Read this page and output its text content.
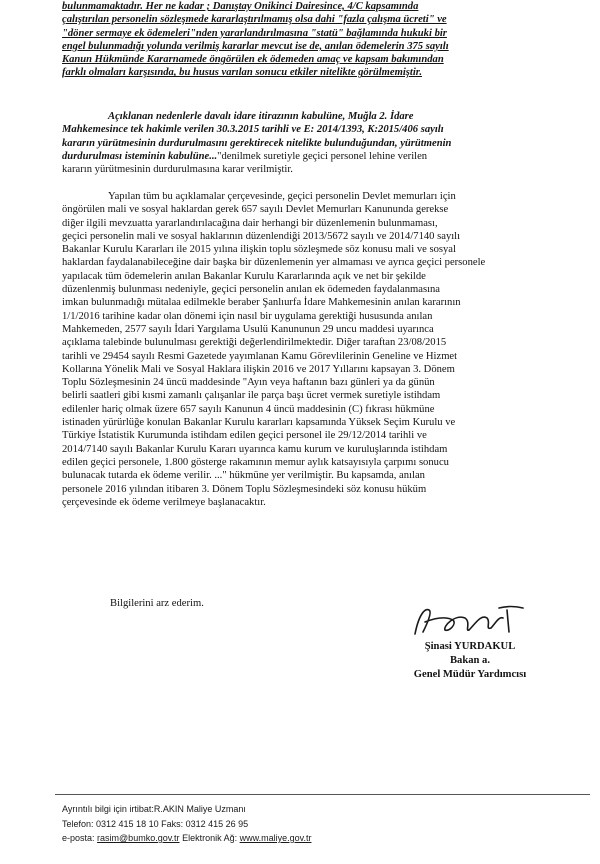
bulunmamaktadır. Her ne kadar ; Danıştay Onikinci Dairesince, 4/C kapsamında
çalıştırılan personelin sözleşmede kararlaştırılmamış olsa dahi "fazla çalışma ücreti" ve
"döner sermaye ek ödemeleri"nden yararlandırılmasına "statü" bağlamında hukuki bir
engel bulunmadığı yolunda verilmiş kararlar mevcut ise de, anılan ödemelerin 375 sayılı
Kanun Hükmünde Kararnamede öngörülen ek ödemeden amaç ve kapsam bakımından
farklı olmaları karşısında, bu husus varılan sonucu etkiler nitelikte görülmemiştir.
Açıklanan nedenlerle davalı idare itirazının kabulüne, Muğla 2. İdare
Mahkemesince tek hakimle verilen 30.3.2015 tarihli ve E: 2014/1393, K:2015/406 sayılı
kararın yürütmesinin durdurulmasını gerektirecek nitelikte bulunduğundan, yürütmenin
durdurulması isteminin kabulüne..."denilmek suretiyle geçici personel lehine verilen
kararın yürütmesinin durdurulmasına karar verilmiştir.
Yapılan tüm bu açıklamalar çerçevesinde, geçici personelin Devlet memurları için
öngörülen mali ve sosyal haklardan gerek 657 sayılı Devlet Memurları Kanununda gerekse
diğer ilgili mevzuatta yararlandırılacağına dair herhangi bir düzenlemenin bulunmaması,
geçici personelin mali ve sosyal haklarının düzenlendiği 2013/5672 sayılı ve 2014/7140 sayılı
Bakanlar Kurulu Kararları ile 2015 yılına ilişkin toplu sözleşmede söz konusu mali ve sosyal
haklardan faydalanabileceğine dair başka bir düzenlemenin yer almaması ve ayrıca geçici personele
yapılacak tüm ödemelerin anılan Bakanlar Kurulu Kararlarında açık ve net bir şekilde
düzenlenmiş bulunması nedeniyle, geçici personelin anılan ek ödemeden faydalanmasına
imkan bulunmadığı mütalaa edilmekle beraber Şanlıurfa İdare Mahkemesinin anılan kararının
1/1/2016 tarihine kadar olan dönemi için nasıl bir uygulama gerektiği hususunda anılan
Mahkemeden, 2577 sayılı İdari Yargılama Usulü Kanununun 29 uncu maddesi uyarınca
açıklama talebinde bulunulması gerektiği değerlendirilmektedir. Diğer taraftan 23/08/2015
tarihli ve 29454 sayılı Resmi Gazetede yayımlanan Kamu Görevlilerinin Geneline ve Hizmet
Kollarına Yönelik Mali ve Sosyal Haklara ilişkin 2016 ve 2017 Yıllarını kapsayan 3. Dönem
Toplu Sözleşmesinin 24 üncü maddesinde "Ayın veya haftanın bazı günleri ya da günün
belirli saatleri gibi kısmi zamanlı çalışanlar ile parça başı ücret vermek suretiyle istihdam
edilenler hariç olmak üzere 657 sayılı Kanunun 4 üncü maddesinin (C) fıkrası hükmüne
istinaden yürürlüğe konulan Bakanlar Kurulu kararları kapsamında Yüksek Seçim Kurulu ve
Türkiye İstatistik Kurumunda istihdam edilen geçici personel ile 29/12/2014 tarihli ve
2014/7140 sayılı Bakanlar Kurulu Kararı uyarınca kamu kurum ve kuruluşlarında istihdam
edilen geçici personele, 1.800 gösterge rakamının memur aylık katsayısıyla çarpımı sonucu
bulunacak tutarda ek ödeme verilir. ..." hükmüne yer verilmiştir. Bu kapsamda, anılan
personele 2016 yılından itibaren 3. Dönem Toplu Sözleşmesindeki söz konusu hüküm
çerçevesinde ek ödeme verilmeye başlanacaktır.
Bilgilerini arz ederim.
Şinasi YURDAKUL
Bakan a.
Genel Müdür Yardımcısı
Ayrıntılı bilgi için irtibat:R.AKIN Maliye Uzmanı
Telefon: 0312 415 18 10 Faks: 0312 415 26 95
e-posta: rasim@bumko.gov.tr Elektronik Ağ: www.maliye.gov.tr
